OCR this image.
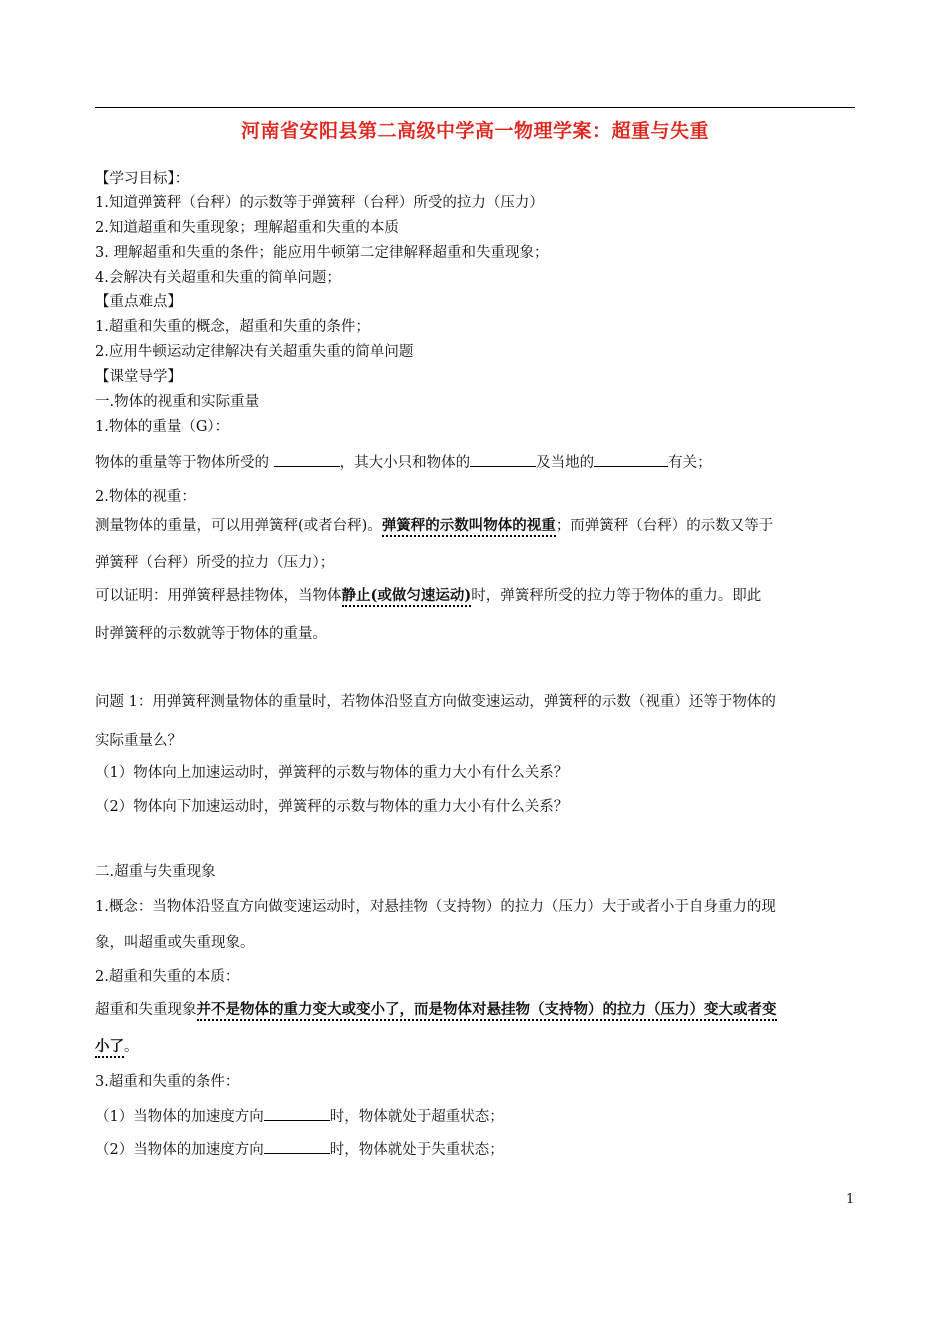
河南省安阳县第二高级中学高一物理学案：超重与失重
【学习目标】：
1.知道弹簧秤（台秤）的示数等于弹簧秤（台秤）所受的拉力（压力）
2.知道超重和失重现象；理解超重和失重的本质
3. 理解超重和失重的条件；能应用牛顿第二定律解释超重和失重现象；
4.会解决有关超重和失重的简单问题；
【重点难点】
1.超重和失重的概念，超重和失重的条件；
2.应用牛顿运动定律解决有关超重失重的简单问题
【课堂导学】
一.物体的视重和实际重量
1.物体的重量（G）：
物体的重量等于物体所受的	，其大小只和物体的	及当地的	有关；
2.物体的视重：
测量物体的重量，可以用弹簧秤(或者台秤)。弹簧秤的示数叫物体的视重；而弹簧秤（台秤）的示数又等于
弹簧秤（台秤）所受的拉力（压力）；
可以证明：用弹簧秤悬挂物体，当物体静止(或做匀速运动)时，弹簧秤所受的拉力等于物体的重力。即此
时弹簧秤的示数就等于物体的重量。
问题 1：用弹簧秤测量物体的重量时，若物体沿竖直方向做变速运动，弹簧秤的示数（视重）还等于物体的
实际重量么？
（1）物体向上加速运动时，弹簧秤的示数与物体的重力大小有什么关系？
（2）物体向下加速运动时，弹簧秤的示数与物体的重力大小有什么关系？
二.超重与失重现象
1.概念：当物体沿竖直方向做变速运动时，对悬挂物（支持物）的拉力（压力）大于或者小于自身重力的现
象，叫超重或失重现象。
2.超重和失重的本质：
超重和失重现象并不是物体的重力变大或变小了，而是物体对悬挂物（支持物）的拉力（压力）变大或者变
小了。
3.超重和失重的条件：
（1）当物体的加速度方向	时，物体就处于超重状态；
（2）当物体的加速度方向	时，物体就处于失重状态；
1
